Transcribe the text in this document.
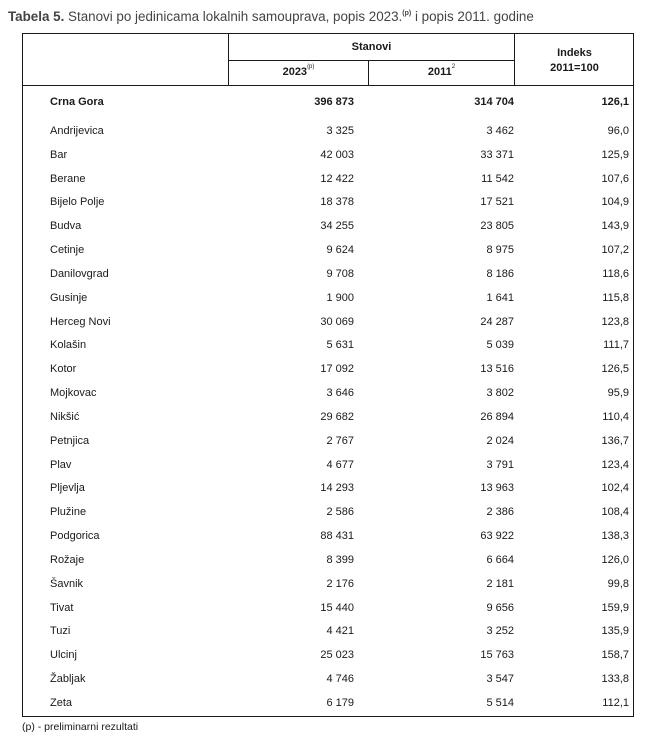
Tabela 5. Stanovi po jedinicama lokalnih samouprava, popis 2023.$^{(p)}$ i popis 2011. godine
Stanovi
2023$^{(p)}$	2011$^2$
Indeks
2011=100
Crna Gora	396 873	314 704	126,1
Andrijevica	3 325	3 462	96,0
Bar	42 003	33 371	125,9
Berane	12 422	11 542	107,6
Bijelo Polje	18 378	17 521	104,9
Budva	34 255	23 805	143,9
Cetinje	9 624	8 975	107,2
Danilovgrad	9 708	8 186	118,6
Gusinje	1 900	1 641	115,8
Herceg Novi	30 069	24 287	123,8
Kolašin	5 631	5 039	111,7
Kotor	17 092	13 516	126,5
Mojkovac	3 646	3 802	95,9
Nikšić	29 682	26 894	110,4
Petnjica	2 767	2 024	136,7
Plav	4 677	3 791	123,4
Pljevlja	14 293	13 963	102,4
Plužine	2 586	2 386	108,4
Podgorica	88 431	63 922	138,3
Rožaje	8 399	6 664	126,0
Šavnik	2 176	2 181	99,8
Tivat	15 440	9 656	159,9
Tuzi	4 421	3 252	135,9
Ulcinj	25 023	15 763	158,7
Žabljak	4 746	3 547	133,8
Zeta	6 179	5 514	112,1
(p) - preliminarni rezultati
